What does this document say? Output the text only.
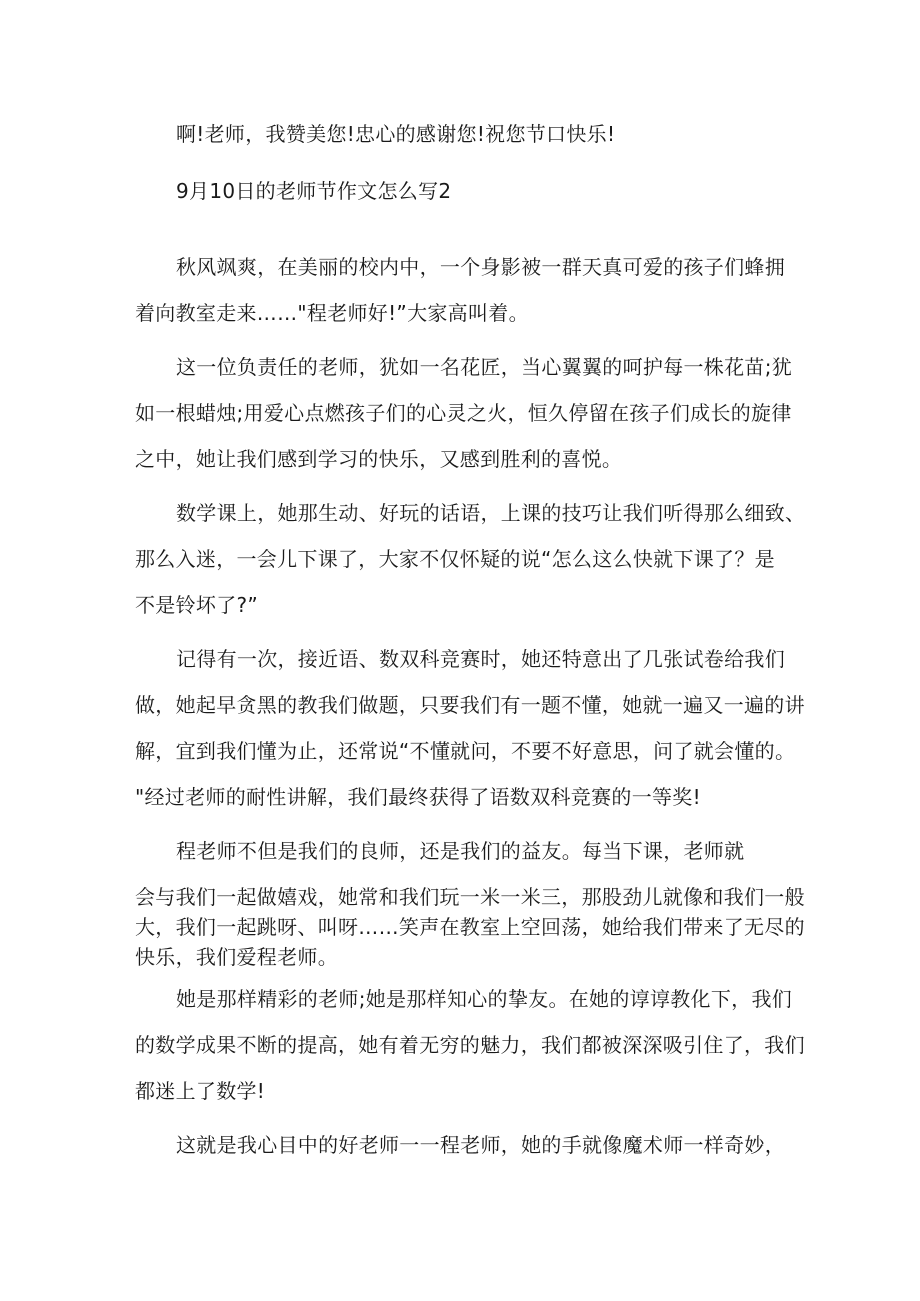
啊!老师，我赞美您!忠心的感谢您!祝您节口快乐!

9月10日的老师节作文怎么写2

秋风飒爽，在美丽的校内中，一个身影被一群天真可爱的孩子们蜂拥

着向教室走来……"程老师好!”大家高叫着。

这一位负责任的老师，犹如一名花匠，当心翼翼的呵护每一株花苗;犹

如一根蜡烛;用爱心点燃孩子们的心灵之火，恒久停留在孩子们成长的旋律

之中，她让我们感到学习的快乐，又感到胜利的喜悦。

数学课上，她那生动、好玩的话语，上课的技巧让我们听得那么细致、

那么入迷，一会儿下课了，大家不仅怀疑的说“怎么这么快就下课了？是

不是铃坏了?”

记得有一次，接近语、数双科竞赛时，她还特意出了几张试卷给我们

做，她起早贪黑的教我们做题，只要我们有一题不懂，她就一遍又一遍的讲

解，宜到我们懂为止，还常说“不懂就问，不要不好意思，问了就会懂的。

"经过老师的耐性讲解，我们最终获得了语数双科竞赛的一等奖!

程老师不但是我们的良师，还是我们的益友。每当下课，老师就

会与我们一起做嬉戏，她常和我们玩一米一米三，那股劲儿就像和我们一般

大，我们一起跳呀、叫呀……笑声在教室上空回荡，她给我们带来了无尽的

快乐，我们爱程老师。

她是那样精彩的老师;她是那样知心的挚友。在她的谆谆教化下，我们

的数学成果不断的提高，她有着无穷的魅力，我们都被深深吸引住了，我们

都迷上了数学!

这就是我心目中的好老师一一程老师，她的手就像魔术师一样奇妙，
